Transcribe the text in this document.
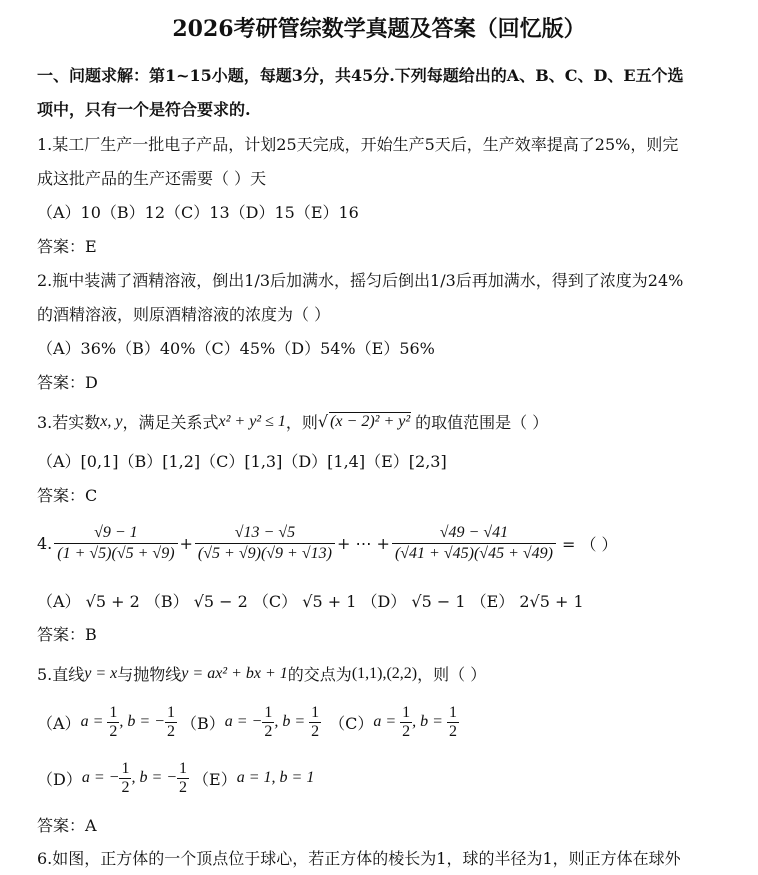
2026考研管综数学真题及答案（回忆版）
一、问题求解：第1~15小题，每题3分，共45分.下列每题给出的A、B、C、D、E五个选
项中，只有一个是符合要求的.
1.某工厂生产一批电子产品，计划25天完成，开始生产5天后，生产效率提高了25%，则完
成这批产品的生产还需要（ ）天
（A）10（B）12（C）13（D）15（E）16
答案：E
2.瓶中装满了酒精溶液，倒出1/3后加满水，摇匀后倒出1/3后再加满水，得到了浓度为24%
的酒精溶液，则原酒精溶液的浓度为（ ）
（A）36%（B）40%（C）45%（D）54%（E）56%
答案：D
3.若实数 x, y ，满足关系式 x² + y² ≤ 1 ，则 √ (x − 2)² + y² 的取值范围是（ ）
（A）[0,1]（B）[1,2]（C）[1,3]（D）[1,4]（E）[2,3]
答案：C
4. $\frac{√9 - 1}{(1 + √5)(√5 + √9)} + \frac{√13 - √5}{(√5 + √9)(√9 + √13)}$ + ⋯ + $\frac{√49 - √41}{(√41 + √45)(√45 + √49)}$ = （ ）
（A） √5 + 2 （B） √5 − 2 （C） √5 + 1 （D） √5 − 1 （E） 2√5 + 1
答案：B
5.直线 y = x 与抛物线 y = ax² + bx + 1 的交点为 (1,1),(2,2) ，则（ ）
（A） $a = \frac{1}{2}$ , b = − $\frac{1}{2} (B) a$ = − $\frac{1}{2}$ , $b = \frac{1}{2} (C) a = \frac{1}{2}$ , $b = \frac{1}{2}$
（D） a = − $\frac{1}{2}$ , b = − $\frac{1}{2} (E) a = 1$, b = 1
答案：A
6.如图，正方体的一个顶点位于球心，若正方体的棱长为1，球的半径为1，则正方体在球外
